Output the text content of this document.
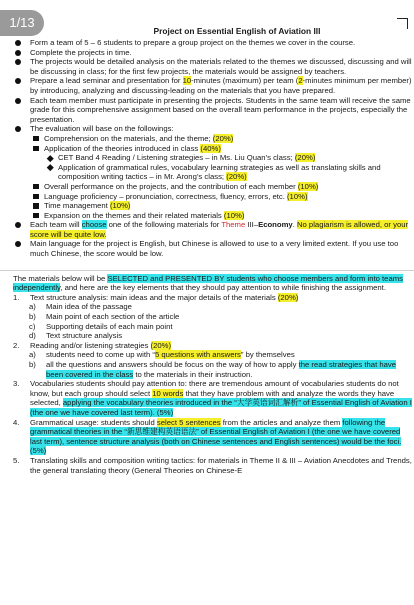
1/13
Project on Essential English of Aviation III
Form a team of 5 – 6 students to prepare a group project on the themes we cover in the course.
Complete the projects in time.
The projects would be detailed analysis on the materials related to the themes we discussed, discussing and will be discussing in class; for the first few projects, the materials would be assigned by teachers.
Prepare a lead seminar and presentation for 10-minutes (maximum) per team (2-minutes minimum per member) by introducing, analyzing and discussing-leading on the materials that you have prepared.
Each team member must participate in presenting the projects. Students in the same team will receive the same grade for this comprehensive assignment based on the overall team performance in the projects, especially the presentation.
The evaluation will base on the followings:
Comprehension on the materials, and the theme; (20%)
Application of the theories introduced in class (40%)
CET Band 4 Reading / Listening strategies – in Ms. Liu Quan’s class; (20%)
Application of grammatical rules, vocabulary learning strategies as well as translating skills and composition writing tactics – in Mr. Arong’s class; (20%)
Overall performance on the projects, and the contribution of each member (10%)
Language proficiency – pronunciation, correctness, fluency, errors, etc. (10%)
Time management (10%)
Expansion on the themes and their related materials (10%)
Each team will choose one of the following materials for Theme III–Economy. No plagiarism is allowed, or your score will be quite low.
Main language for the project is English, but Chinese is allowed to use to a very limited extent. If you use too much Chinese, the score would be low.
The materials below will be SELECTED and PRESENTED BY students who choose members and form into teams independently, and here are the key elements that they should pay attention to while finishing the assignment.
1. Text structure analysis: main ideas and the major details of the materials (20%)
a) Main idea of the passage
b) Main point of each section of the article
c) Supporting details of each main point
d) Text structure analysis
2. Reading and/or listening strategies (20%)
a) students need to come up with “5 questions with answers” by themselves
b) all the questions and answers should be focus on the way of how to apply the read strategies that have been covered in the class to the materials in their instruction.
3. Vocabularies students should pay attention to: there are tremendous amount of vocabularies students do not know, but each group should select 10 words that they have problem with and analyze the words they have selected, applying the vocabulary theories introduced in the “大学英语词汇解析” of Essential English of Aviation I (the one we have covered last term). (5%)
4. Grammatical usage: students should select 5 sentences from the articles and analyze them following the grammatical theories in the “新思维建构英语语法” of Essential English of Aviation I (the one we have covered last term), sentence structure analysis (both on Chinese sentences and English sentences) would be the foci. (5%)
5. Translating skills and composition writing tactics: for materials in Theme II & III – Aviation Anecdotes and Trends, the general translating theory (General Theories on Chinese-E
